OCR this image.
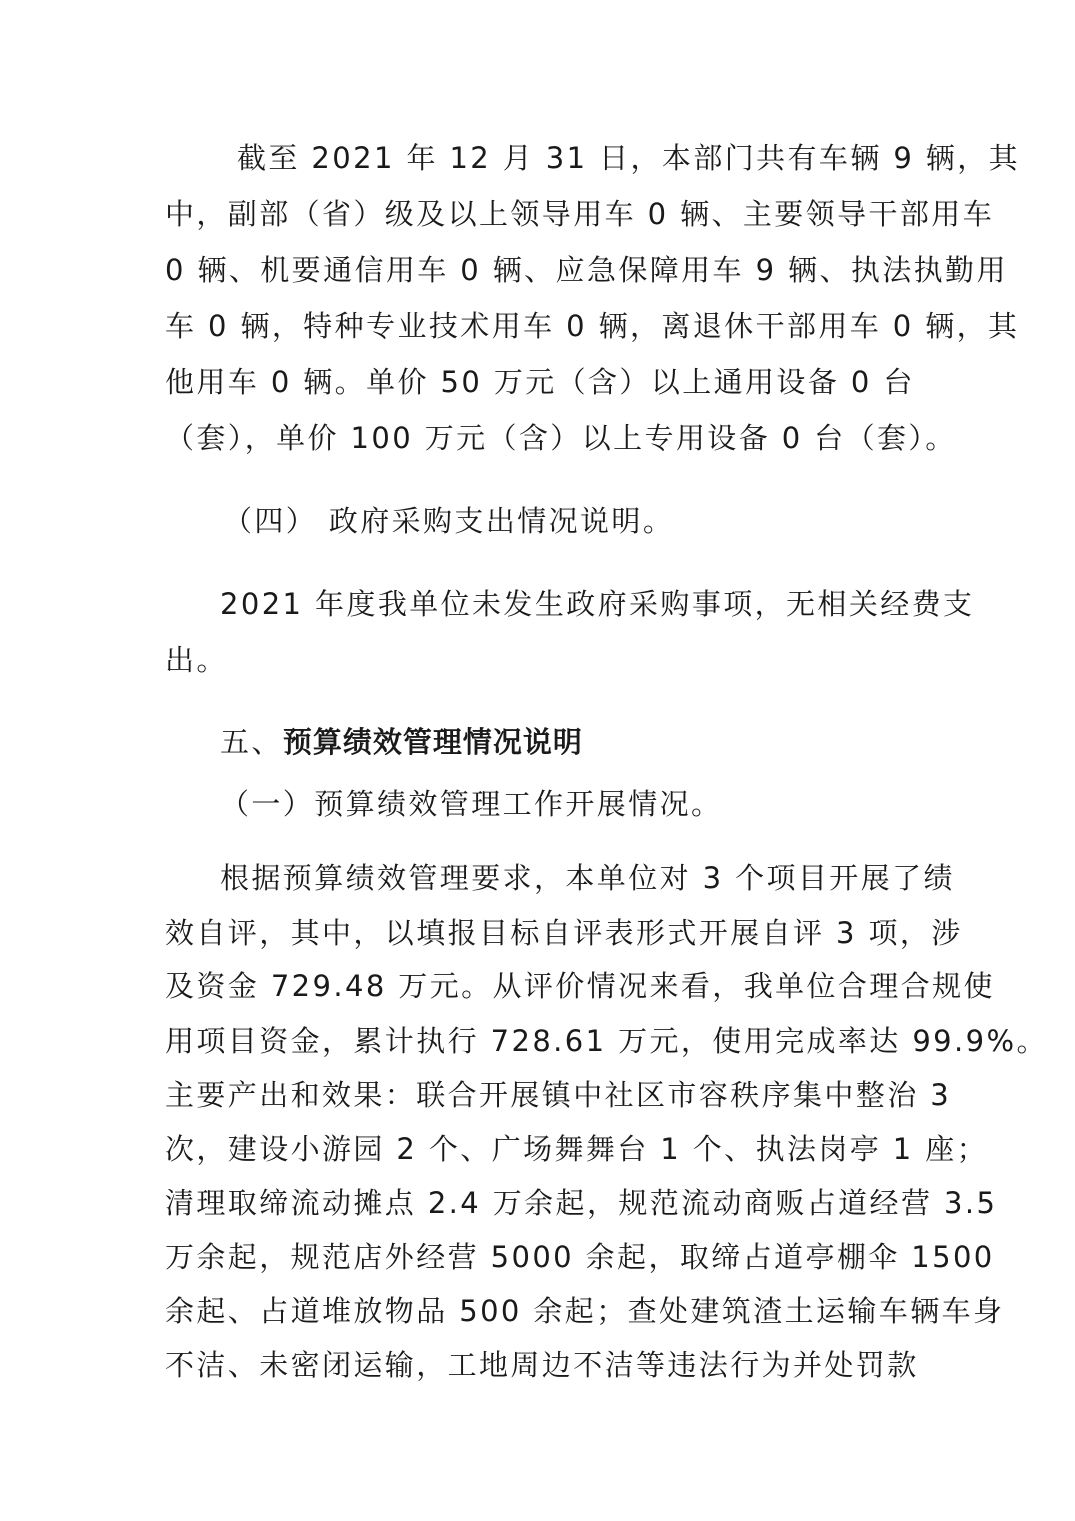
截至 2021 年 12 月 31 日，本部门共有车辆 9 辆，其
中，副部（省）级及以上领导用车 0 辆、主要领导干部用车
0 辆、机要通信用车 0 辆、应急保障用车 9 辆、执法执勤用
车 0 辆，特种专业技术用车 0 辆，离退休干部用车 0 辆，其
他用车 0 辆。单价 50 万元（含）以上通用设备 0 台
（套），单价 100 万元（含）以上专用设备 0 台（套）。
（四） 政府采购支出情况说明。
2021 年度我单位未发生政府采购事项，无相关经费支
出。
五、预算绩效管理情况说明
（一）预算绩效管理工作开展情况。
根据预算绩效管理要求，本单位对 3 个项目开展了绩
效自评，其中，以填报目标自评表形式开展自评 3 项，涉
及资金 729.48 万元。从评价情况来看，我单位合理合规使
用项目资金，累计执行 728.61 万元，使用完成率达 99.9%。
主要产出和效果：联合开展镇中社区市容秩序集中整治 3
次，建设小游园 2 个、广场舞舞台 1 个、执法岗亭 1 座；
清理取缔流动摊点 2.4 万余起，规范流动商贩占道经营 3.5
万余起，规范店外经营 5000 余起，取缔占道亭棚伞 1500
余起、占道堆放物品 500 余起；查处建筑渣土运输车辆车身
不洁、未密闭运输，工地周边不洁等违法行为并处罚款
